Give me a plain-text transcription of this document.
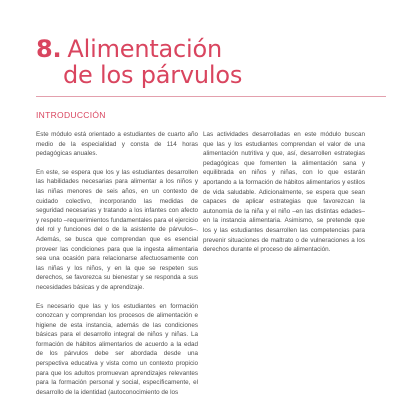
8. Alimentación
de los párvulos
INTRODUCCIÓN

Este módulo está orientado a estudiantes de cuarto año medio de la especialidad y consta de 114 horas pedagógicas anuales.

En este, se espera que los y las estudiantes desarrollen las habilidades necesarias para alimentar a los niños y las niñas menores de seis años, en un contexto de cuidado colectivo, incorporando las medidas de seguridad necesarias y tratando a los infantes con afecto y respeto –requerimientos fundamentales para el ejercicio del rol y funciones del o de la asistente de párvulos–. Además, se busca que comprendan que es esencial proveer las condiciones para que la ingesta alimentaria sea una ocasión para relacionarse afectuosamente con las niñas y los niños, y en la que se respeten sus derechos, se favorezca su bienestar y se responda a sus necesidades básicas y de aprendizaje.

Es necesario que las y los estudiantes en formación conozcan y comprendan los procesos de alimentación e higiene de esta instancia, además de las condiciones básicas para el desarrollo integral de niños y niñas. La formación de hábitos alimentarios de acuerdo a la edad de los párvulos debe ser abordada desde una perspectiva educativa y vista como un contexto propicio para que los adultos promuevan aprendizajes relevantes para la formación personal y social, específicamente, el desarrollo de la identidad (autoconocimiento de los

Las actividades desarrolladas en este módulo buscan que las y los estudiantes comprendan el valor de una alimentación nutritiva y que, así, desarrollen estrategias pedagógicas que fomenten la alimentación sana y equilibrada en niños y niñas, con lo que estarán aportando a la formación de hábitos alimentarios y estilos de vida saludable. Adicionalmente, se espera que sean capaces de aplicar estrategias que favorezcan la autonomía de la niña y el niño –en las distintas edades– en la instancia alimentaria. Asimismo, se pretende que los y las estudiantes desarrollen las competencias para prevenir situaciones de maltrato o de vulneraciones a los derechos durante el proceso de alimentación.
